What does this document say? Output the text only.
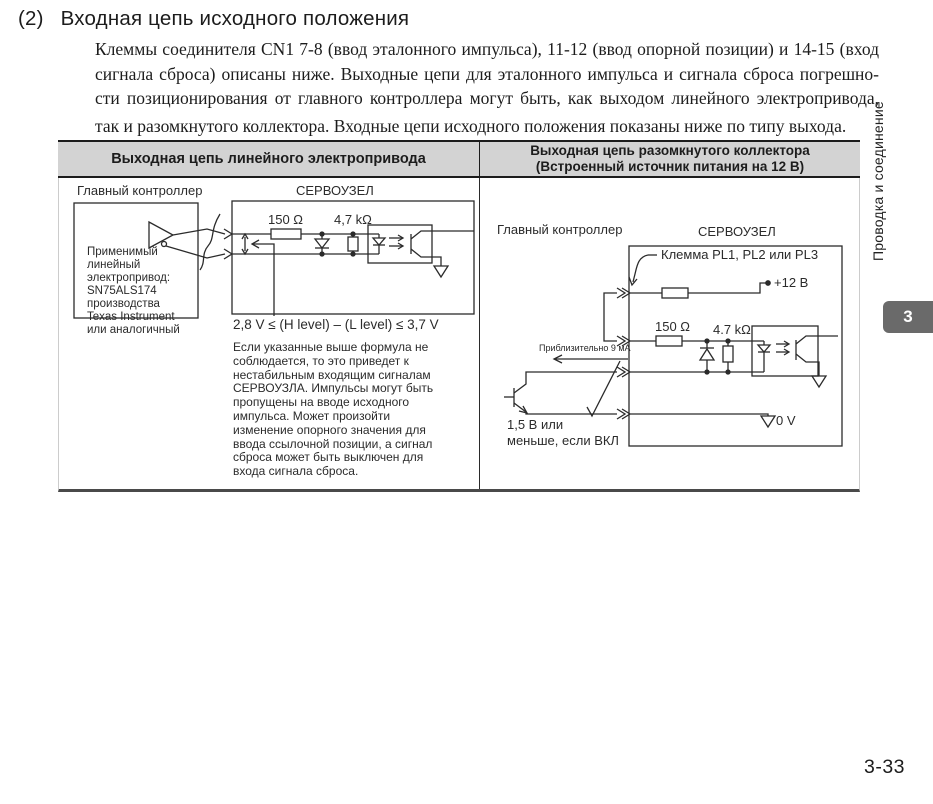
(2) Входная цепь исходного положения
Клеммы соединителя CN1 7-8 (ввод эталонного импульса), 11-12 (ввод опорной позиции) и 14-15 (вход
сигнала сброса) описаны ниже. Выходные цепи для эталонного импульса и сигнала сброса погрешно-
сти позиционирования от главного контроллера могут быть, как выходом линейного электропривода,
так и разомкнутого коллектора. Входные цепи исходного положения показаны ниже по типу выхода.
Выходная цепь линейного электропривода
Выходная цепь разомкнутого коллектора
(Встроенный источник питания на 12 В)
Главный контроллер	СЕРВОУЗЕЛ
150 Ω 4,7 kΩ
Применимый
линейный
электропривод:
SN75ALS174
производства
Texas Instrument
или аналогичный	2,8 V ≤ (H level) – (L level) ≤ 3,7 V
Если указанные выше формула не
соблюдается, то это приведет к
нестабильным входящим сигналам
СЕРВОУЗЛА. Импульсы могут быть
пропущены на вводе исходного
импульса. Может произойти
изменение опорного значения для
ввода ссылочной позиции, а сигнал
сброса может быть выключен для
входа сигнала сброса.
Главный контроллер	СЕРВОУЗЕЛ
Клемма PL1, PL2 или PL3
+12 В
150 Ω 4.7 kΩ
Приблизительно 9 мА
1,5 В или
меньше, если ВКЛ
0 V
Проводка и соединение
3
3-33
